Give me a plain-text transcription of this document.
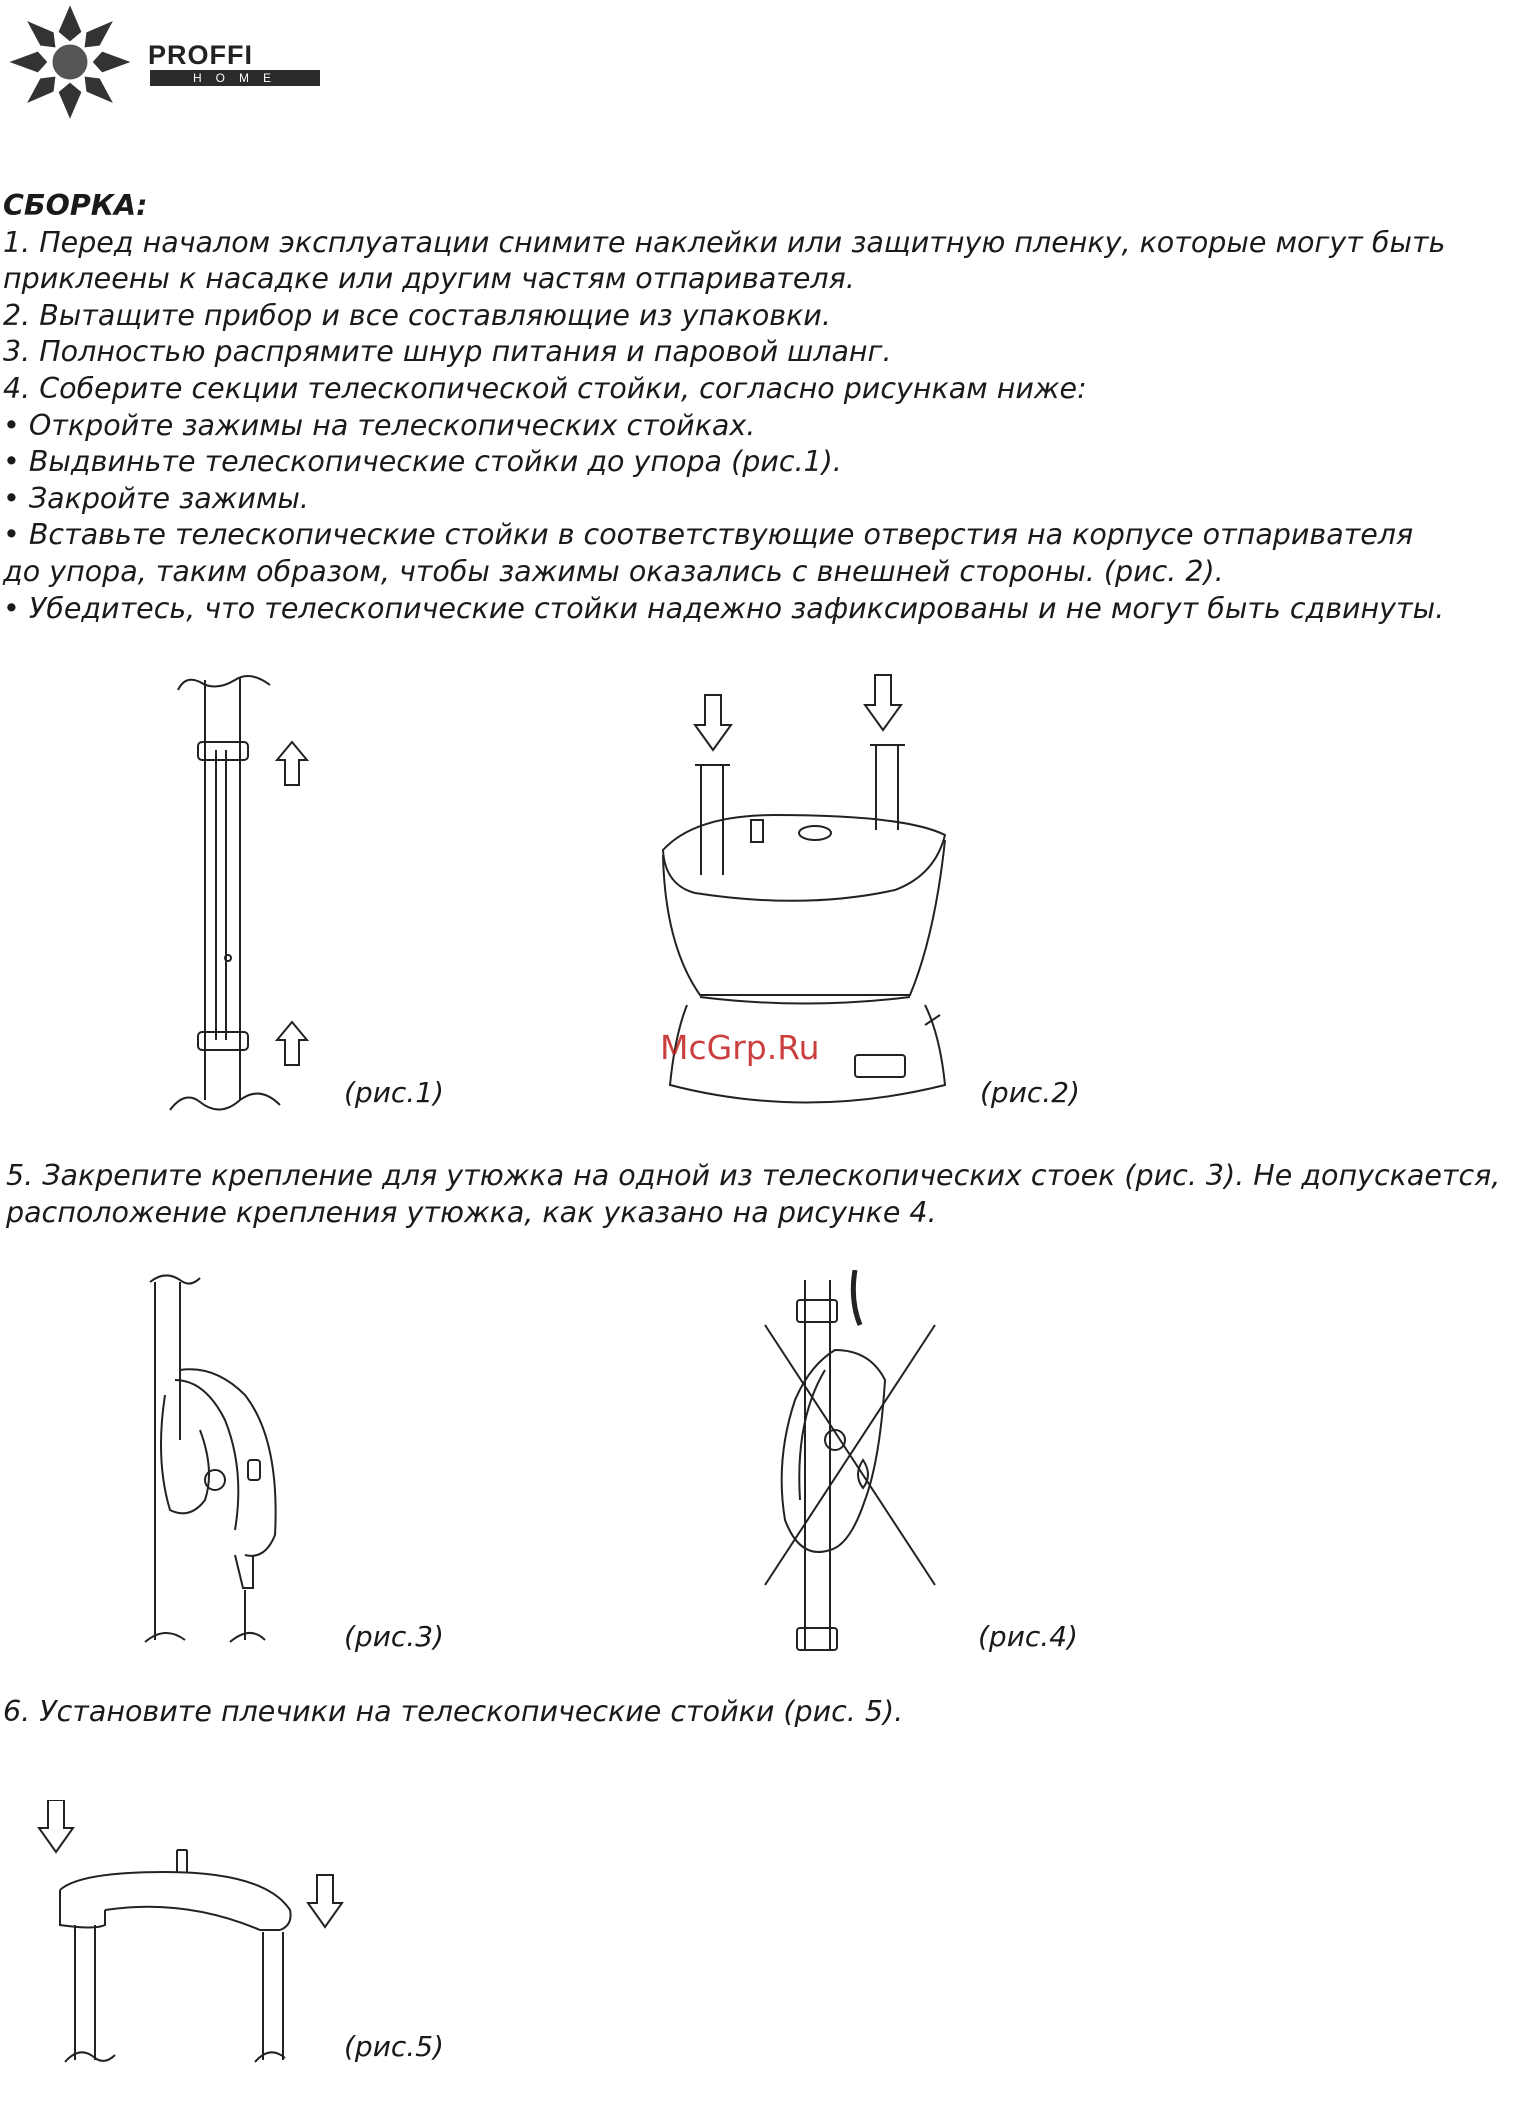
PROFFI
HOME

СБОРКА:

1. Перед началом эксплуатации снимите наклейки или защитную пленку, которые могут быть

приклеены к насадке или другим частям отпаривателя.

2. Вытащите прибор и все составляющие из упаковки.

3. Полностью распрямите шнур питания и паровой шланг.

4. Соберите секции телескопической стойки, согласно рисункам ниже:

• Откройте зажимы на телескопических стойках.

• Выдвиньте телескопические стойки до упора (рис.1).

• Закройте зажимы.

• Вставьте телескопические стойки в соответствующие отверстия на корпусе отпаривателя

до упора, таким образом, чтобы зажимы оказались с внешней стороны. (рис. 2).

• Убедитесь, что телескопические стойки надежно зафиксированы и не могут быть сдвинуты.

(рис.1)
McGrp.Ru
(рис.2)

5. Закрепите крепление для утюжка на одной из телескопических стоек (рис. 3). Не допускается,

расположение крепления утюжка, как указано на рисунке 4.

(рис.3)	(рис.4)
6. Установите плечики на телескопические стойки (рис. 5).
(рис.5)
